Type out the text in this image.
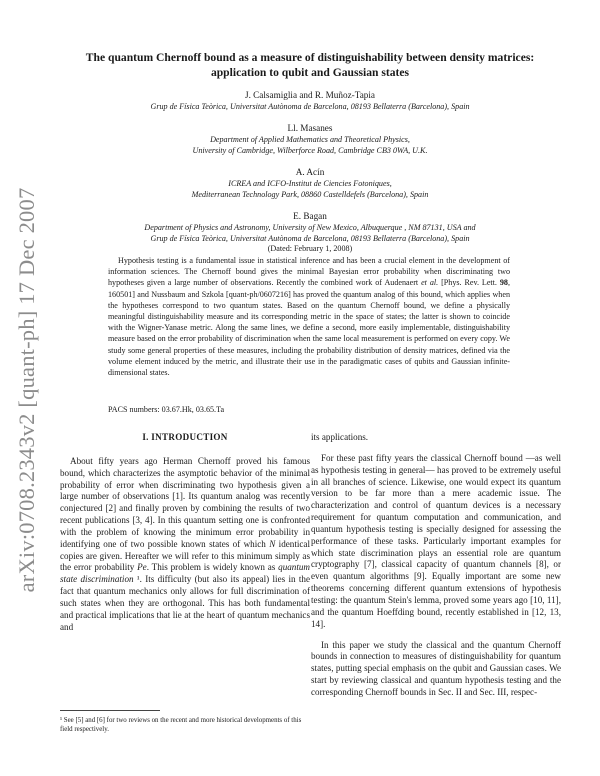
arXiv:0708.2343v2 [quant-ph] 17 Dec 2007
The quantum Chernoff bound as a measure of distinguishability between density matrices: application to qubit and Gaussian states
J. Calsamiglia and R. Muñoz-Tapia
Grup de Física Teòrica, Universitat Autònoma de Barcelona, 08193 Bellaterra (Barcelona), Spain
Ll. Masanes
Department of Applied Mathematics and Theoretical Physics,
University of Cambridge, Wilberforce Road, Cambridge CB3 0WA, U.K.
A. Acín
ICREA and ICFO-Institut de Ciencies Fotoniques,
Mediterranean Technology Park, 08860 Castelldefels (Barcelona), Spain
E. Bagan
Department of Physics and Astronomy, University of New Mexico, Albuquerque , NM 87131, USA and
Grup de Física Teòrica, Universitat Autònoma de Barcelona, 08193 Bellaterra (Barcelona), Spain
(Dated: February 1, 2008)

Hypothesis testing is a fundamental issue in statistical inference and has been a crucial element in the development of information sciences. The Chernoff bound gives the minimal Bayesian error probability when discriminating two hypotheses given a large number of observations. Recently the combined work of Audenaert et al. [Phys. Rev. Lett. 98, 160501] and Nussbaum and Szkola [quant-ph/0607216] has proved the quantum analog of this bound, which applies when the hypotheses correspond to two quantum states. Based on the quantum Chernoff bound, we define a physically meaningful distinguishability measure and its corresponding metric in the space of states; the latter is shown to coincide with the Wigner-Yanase metric. Along the same lines, we define a second, more easily implementable, distinguishability measure based on the error probability of discrimination when the same local measurement is performed on every copy. We study some general properties of these measures, including the probability distribution of density matrices, defined via the volume element induced by the metric, and illustrate their use in the paradigmatic cases of qubits and Gaussian infinite-dimensional states.

PACS numbers: 03.67.Hk, 03.65.Ta

I. INTRODUCTION

About fifty years ago Herman Chernoff proved his famous bound, which characterizes the asymptotic behavior of the minimal probability of error when discriminating two hypothesis given a large number of observations [1]. Its quantum analog was recently conjectured [2] and finally proven by combining the results of two recent publications [3, 4]. In this quantum setting one is confronted with the problem of knowing the minimum error probability in identifying one of two possible known states of which N identical copies are given. Hereafter we will refer to this minimum simply as the error probability Pe. This problem is widely known as quantum state discrimination ¹. Its difficulty (but also its appeal) lies in the fact that quantum mechanics only allows for full discrimination of such states when they are orthogonal. This has both fundamental and practical implications that lie at the heart of quantum mechanics and

its applications.

For these past fifty years the classical Chernoff bound —as well as hypothesis testing in general— has proved to be extremely useful in all branches of science. Likewise, one would expect its quantum version to be far more than a mere academic issue. The characterization and control of quantum devices is a necessary requirement for quantum computation and communication, and quantum hypothesis testing is specially designed for assessing the performance of these tasks. Particularly important examples for which state discrimination plays an essential role are quantum cryptography [7], classical capacity of quantum channels [8], or even quantum algorithms [9]. Equally important are some new theorems concerning different quantum extensions of hypothesis testing: the quantum Stein's lemma, proved some years ago [10, 11], and the quantum Hoeffding bound, recently established in [12, 13, 14].

In this paper we study the classical and the quantum Chernoff bounds in connection to measures of distinguishability for quantum states, putting special emphasis on the qubit and Gaussian cases. We start by reviewing classical and quantum hypothesis testing and the corresponding Chernoff bounds in Sec. II and Sec. III, respec-

¹ See [5] and [6] for two reviews on the recent and more historical developments of this field respectively.
